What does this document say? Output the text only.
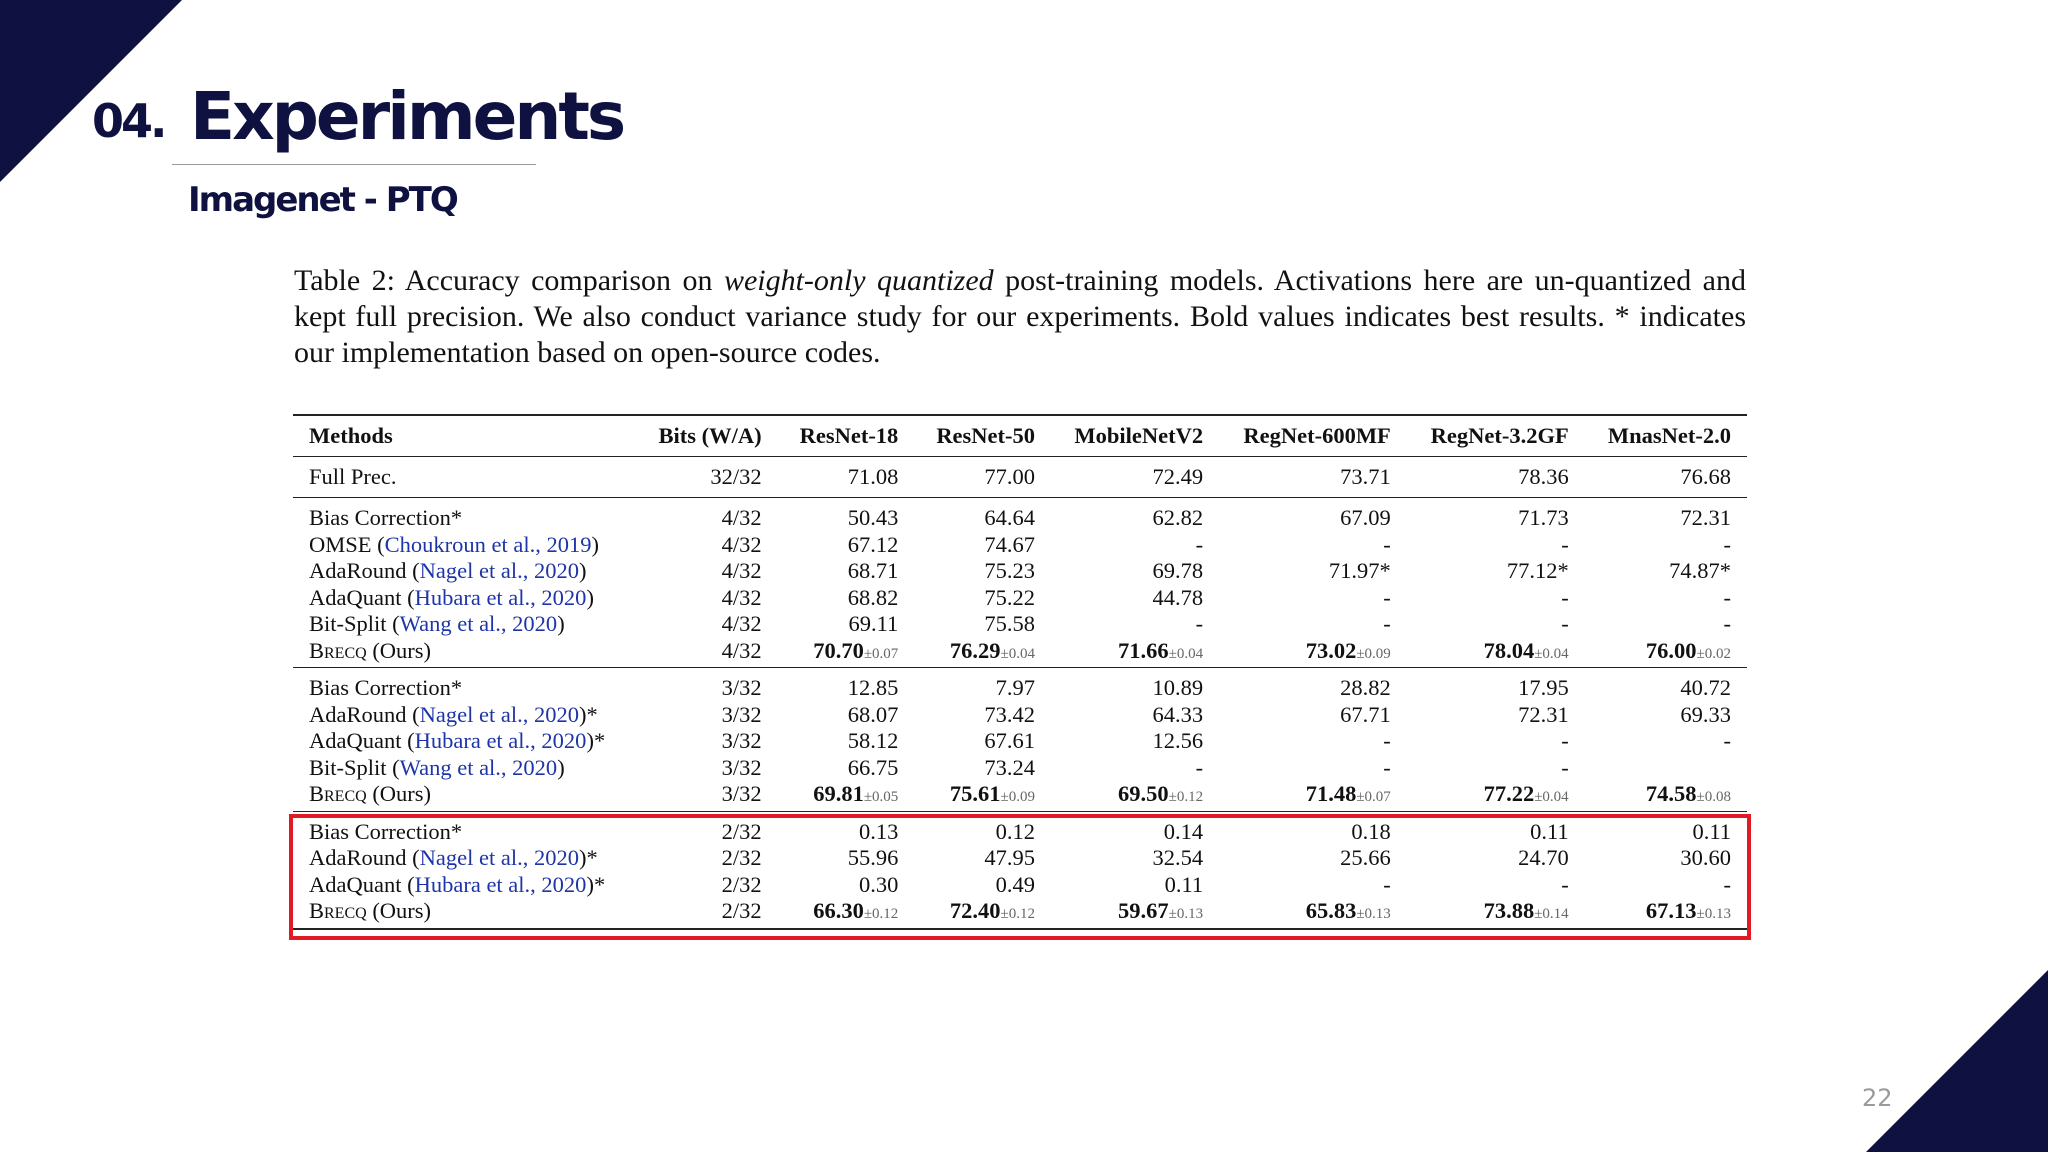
04. Experiments
Imagenet - PTQ
Table 2: Accuracy comparison on weight-only quantized post-training models. Activations here are un-quantized and kept full precision. We also conduct variance study for our experiments. Bold values indicates best results. * indicates our implementation based on open-source codes.
Methods	Bits (W/A)	ResNet-18	ResNet-50	MobileNetV2	RegNet-600MF	RegNet-3.2GF	MnasNet-2.0
Full Prec.	32/32	71.08	77.00	72.49	73.71	78.36	76.68
Bias Correction*	4/32	50.43	64.64	62.82	67.09	71.73	72.31
OMSE (Choukroun et al., 2019)	4/32	67.12	74.67	-	-	-	-
AdaRound (Nagel et al., 2020)	4/32	68.71	75.23	69.78	71.97*	77.12*	74.87*
AdaQuant (Hubara et al., 2020)	4/32	68.82	75.22	44.78	-	-	-
Bit-Split (Wang et al., 2020)	4/32	69.11	75.58	-	-	-	-
Brecq (Ours)	4/32	70.70±0.07	76.29±0.04	71.66±0.04	73.02±0.09	78.04±0.04	76.00±0.02
Bias Correction*	3/32	12.85	7.97	10.89	28.82	17.95	40.72
AdaRound (Nagel et al., 2020)*	3/32	68.07	73.42	64.33	67.71	72.31	69.33
AdaQuant (Hubara et al., 2020)*	3/32	58.12	67.61	12.56	-	-	-
Bit-Split (Wang et al., 2020)	3/32	66.75	73.24	-	-	-	
Brecq (Ours)	3/32	69.81±0.05	75.61±0.09	69.50±0.12	71.48±0.07	77.22±0.04	74.58±0.08
Bias Correction*	2/32	0.13	0.12	0.14	0.18	0.11	0.11
AdaRound (Nagel et al., 2020)*	2/32	55.96	47.95	32.54	25.66	24.70	30.60
AdaQuant (Hubara et al., 2020)*	2/32	0.30	0.49	0.11	-	-	-
Brecq (Ours)	2/32	66.30±0.12	72.40±0.12	59.67±0.13	65.83±0.13	73.88±0.14	67.13±0.13
22
